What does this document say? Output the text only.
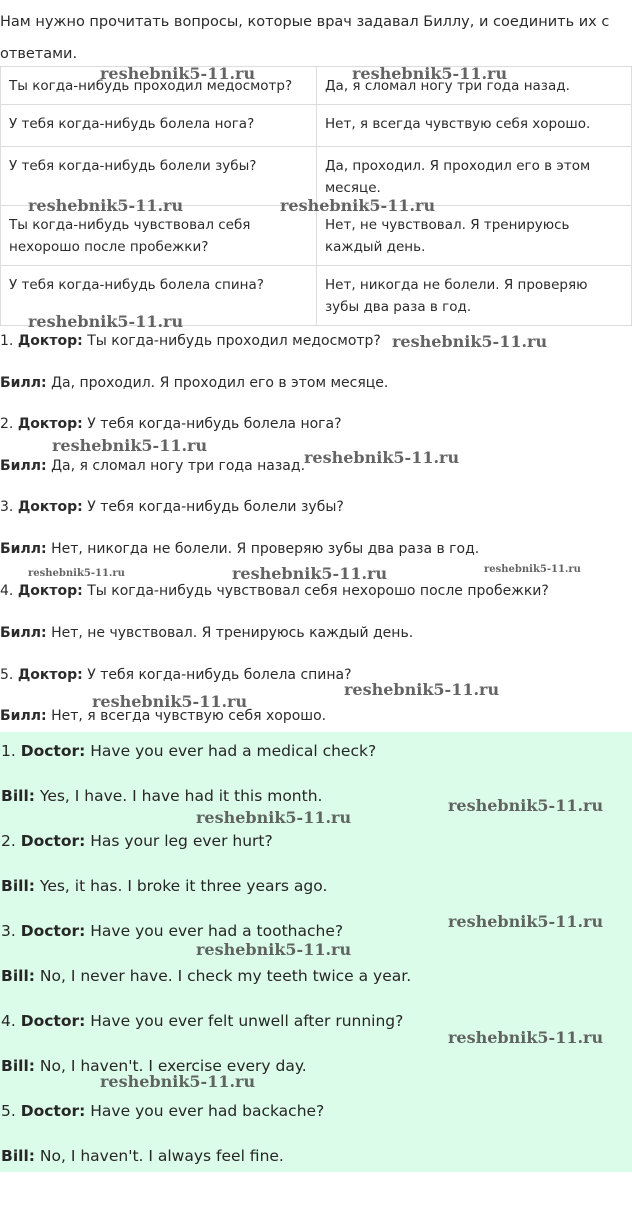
Нам нужно прочитать вопросы, которые врач задавал Биллу, и соединить их с ответами.
Ты когда-нибудь проходил медосмотр?	Да, я сломал ногу три года назад.
У тебя когда-нибудь болела нога?	Нет, я всегда чувствую себя хорошо.
У тебя когда-нибудь болели зубы?	Да, проходил. Я проходил его в этом месяце.
Ты когда-нибудь чувствовал себя нехорошо после пробежки?	Нет, не чувствовал. Я тренируюсь каждый день.
У тебя когда-нибудь болела спина?	Нет, никогда не болели. Я проверяю зубы два раза в год.
1. Доктор: Ты когда-нибудь проходил медосмотр?
Билл: Да, проходил. Я проходил его в этом месяце.
2. Доктор: У тебя когда-нибудь болела нога?
Билл: Да, я сломал ногу три года назад.
3. Доктор: У тебя когда-нибудь болели зубы?
Билл: Нет, никогда не болели. Я проверяю зубы два раза в год.
4. Доктор: Ты когда-нибудь чувствовал себя нехорошо после пробежки?
Билл: Нет, не чувствовал. Я тренируюсь каждый день.
5. Доктор: У тебя когда-нибудь болела спина?
Билл: Нет, я всегда чувствую себя хорошо.
1. Doctor: Have you ever had a medical check?
Bill: Yes, I have. I have had it this month.
2. Doctor: Has your leg ever hurt?
Bill: Yes, it has. I broke it three years ago.
3. Doctor: Have you ever had a toothache?
Bill: No, I never have. I check my teeth twice a year.
4. Doctor: Have you ever felt unwell after running?
Bill: No, I haven't. I exercise every day.
5. Doctor: Have you ever had backache?
Bill: No, I haven't. I always feel fine.
reshebnik5-11.ru	reshebnik5-11.ru
reshebnik5-11.ru	reshebnik5-11.ru
reshebnik5-11.ru
reshebnik5-11.ru
reshebnik5-11.ru
reshebnik5-11.ru
reshebnik5-11.ru	reshebnik5-11.ru	reshebnik5-11.ru
reshebnik5-11.ru
reshebnik5-11.ru
reshebnik5-11.ru
reshebnik5-11.ru
reshebnik5-11.ru
reshebnik5-11.ru
reshebnik5-11.ru
reshebnik5-11.ru
